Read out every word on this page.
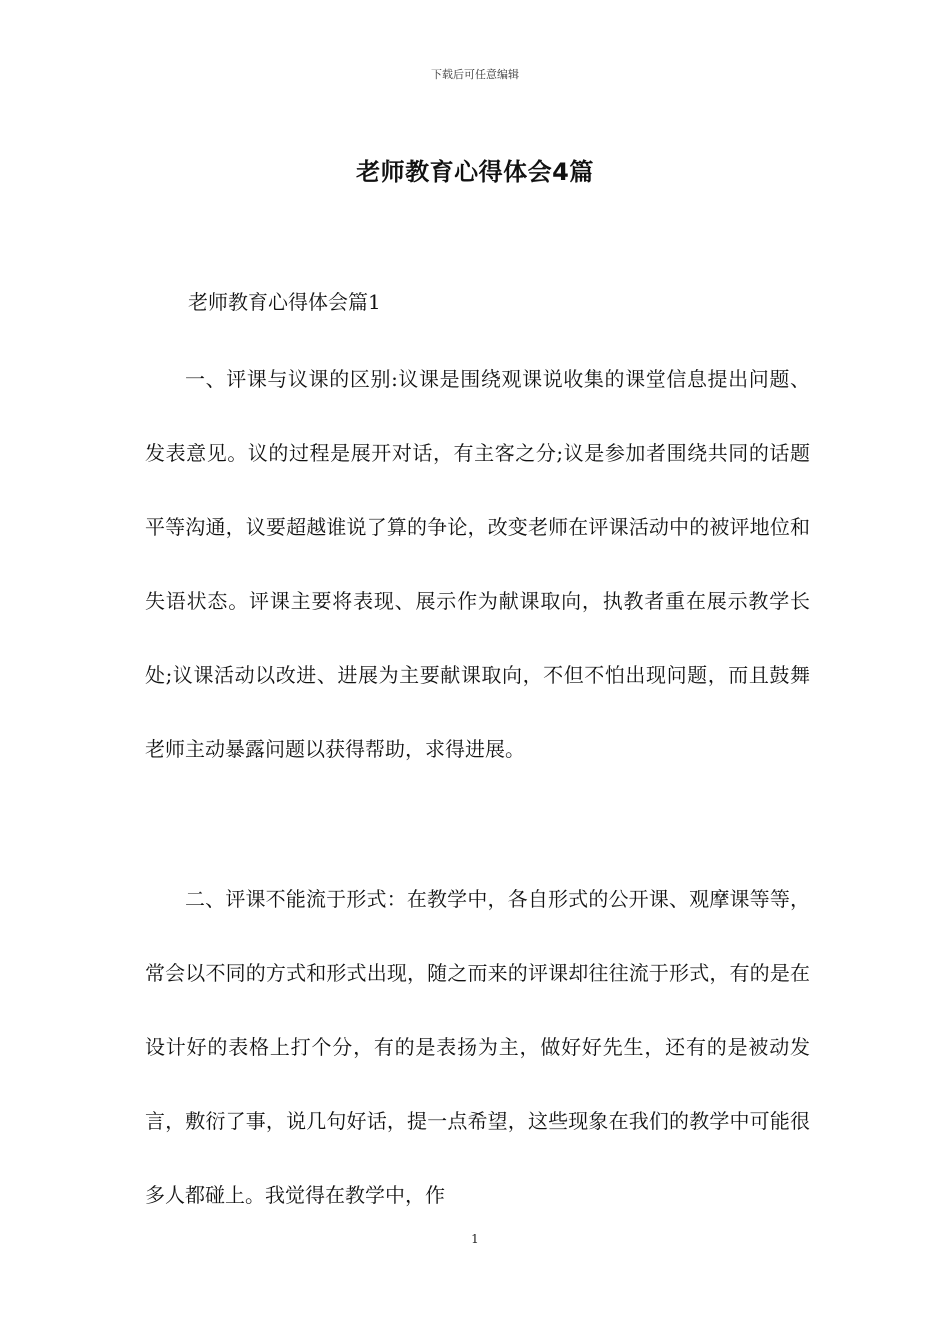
下载后可任意编辑
老师教育心得体会4篇
老师教育心得体会篇1

一、评课与议课的区别:议课是围绕观课说收集的课堂信息提出问题、发表意见。议的过程是展开对话，有主客之分;议是参加者围绕共同的话题平等沟通，议要超越谁说了算的争论，改变老师在评课活动中的被评地位和失语状态。评课主要将表现、展示作为献课取向，执教者重在展示教学长处;议课活动以改进、进展为主要献课取向，不但不怕出现问题，而且鼓舞老师主动暴露问题以获得帮助，求得进展。

二、评课不能流于形式：在教学中，各自形式的公开课、观摩课等等，常会以不同的方式和形式出现，随之而来的评课却往往流于形式，有的是在设计好的表格上打个分，有的是表扬为主，做好好先生，还有的是被动发言，敷衍了事，说几句好话，提一点希望，这些现象在我们的教学中可能很多人都碰上。我觉得在教学中，作

1
